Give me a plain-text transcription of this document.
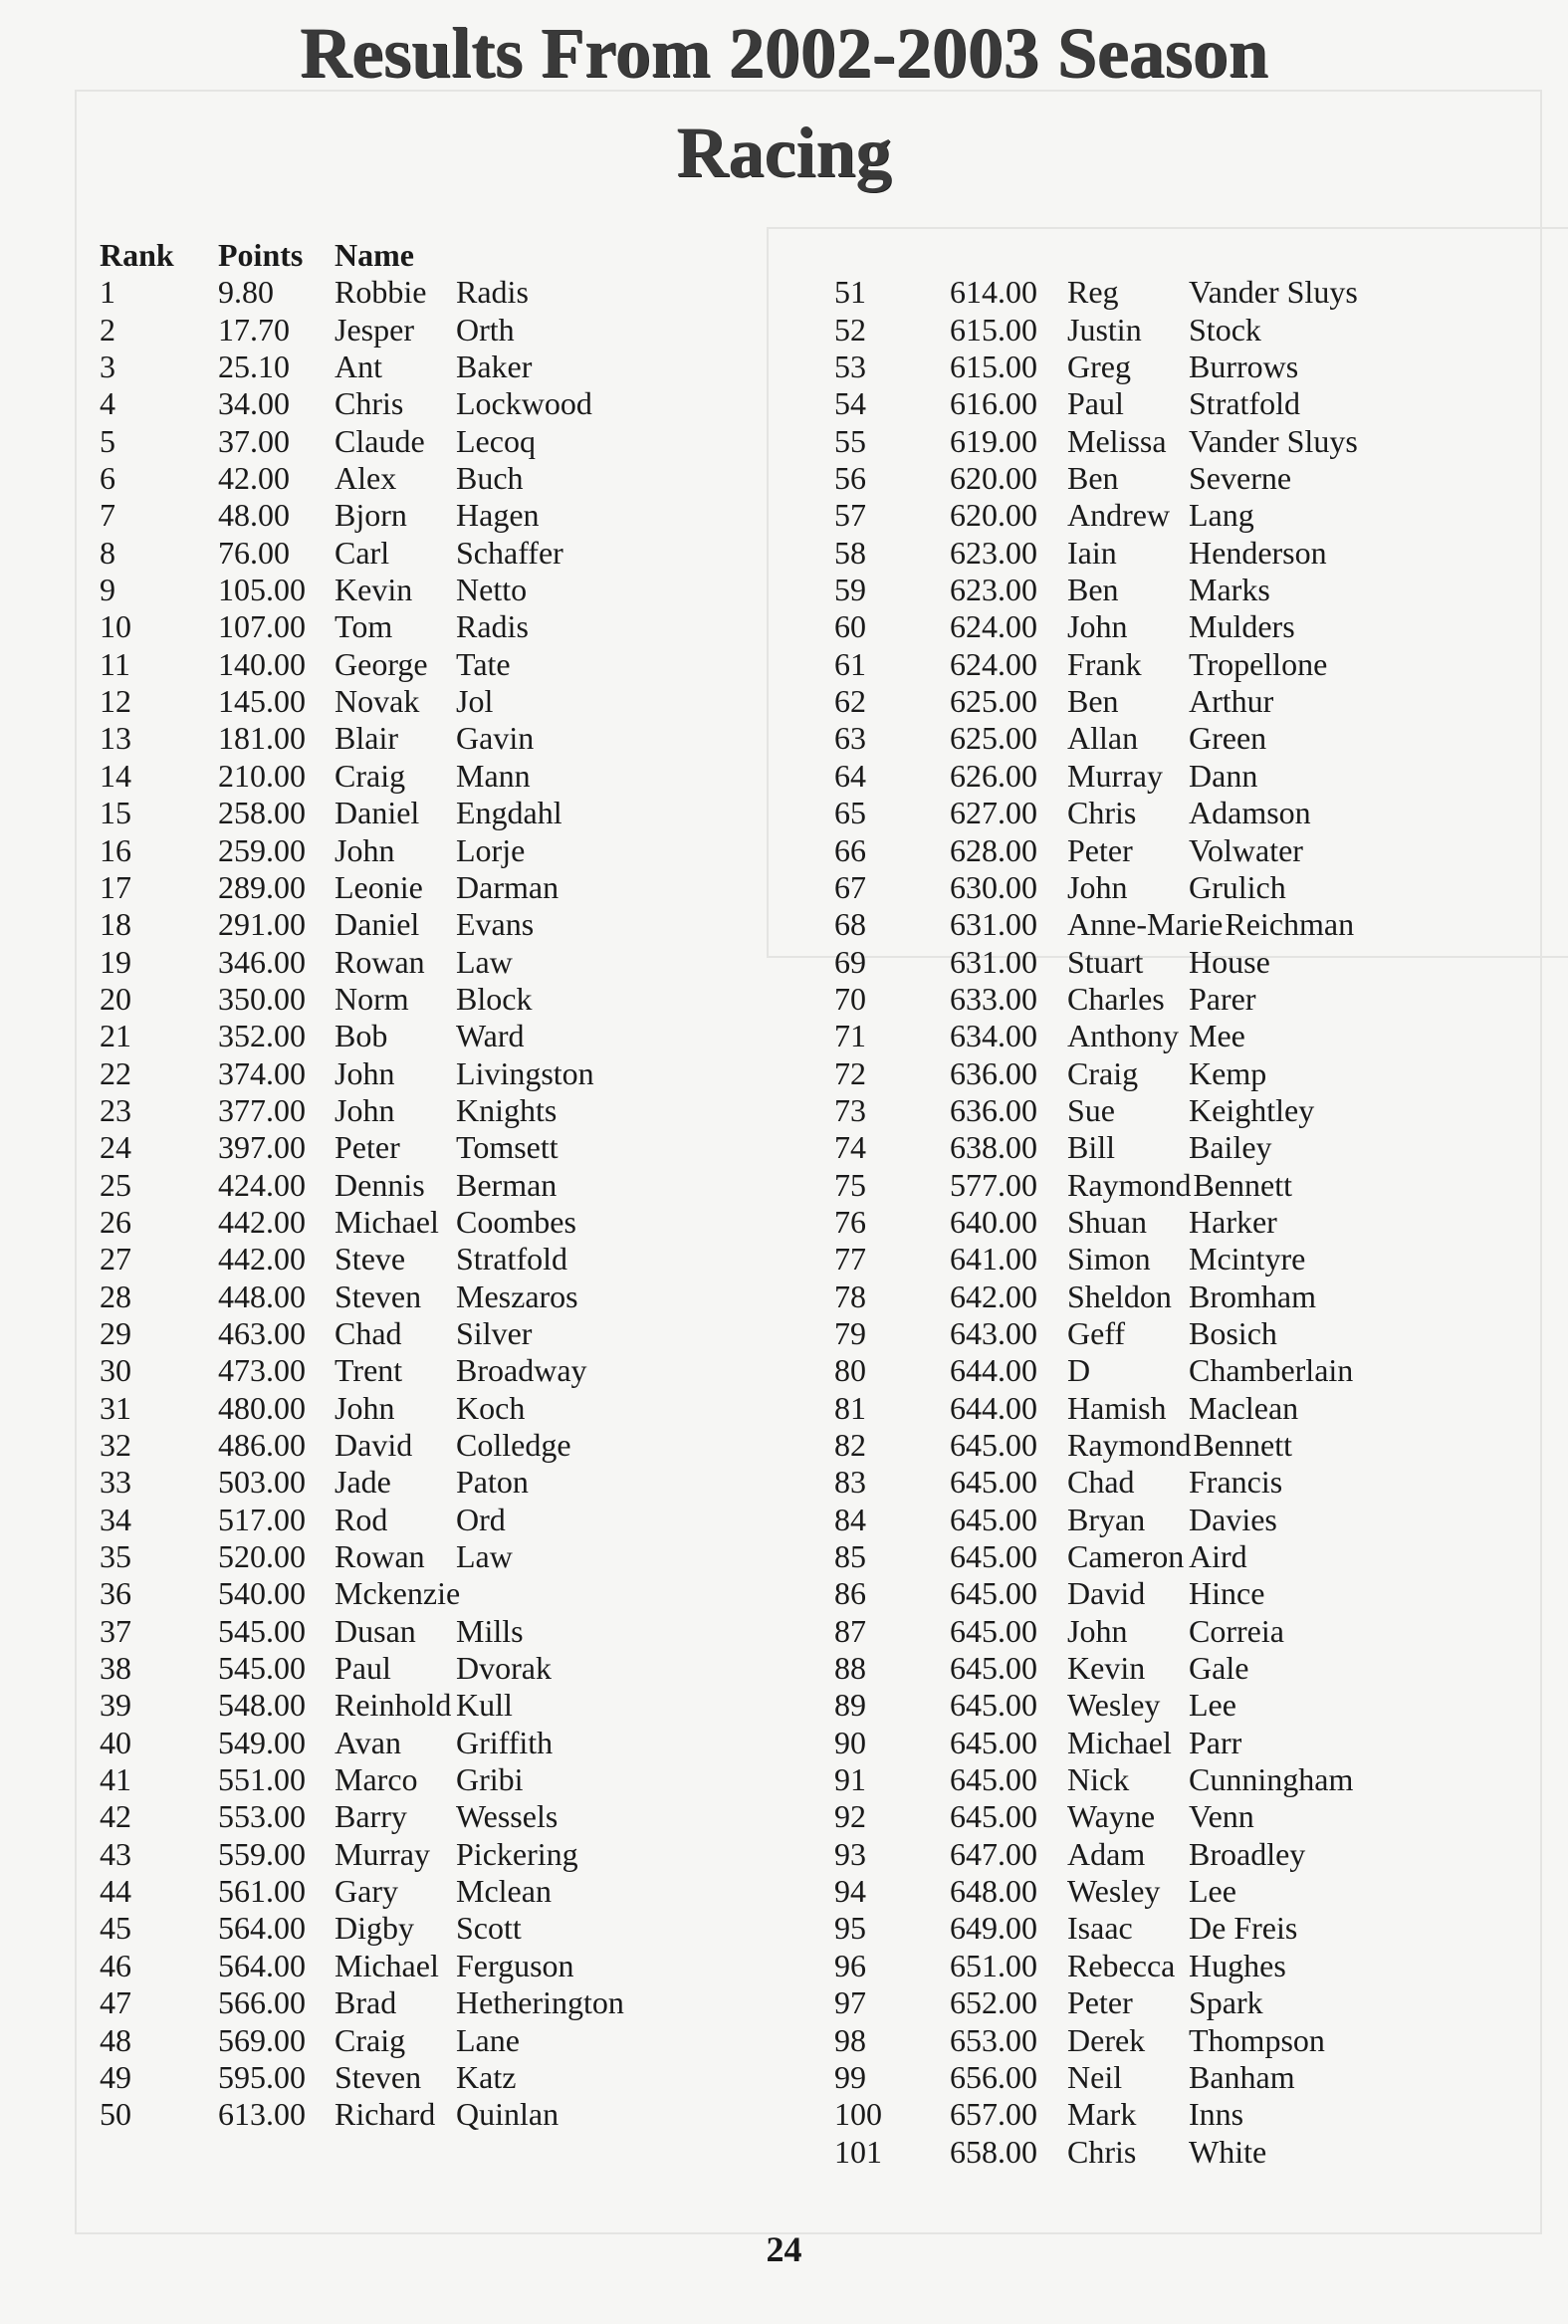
Results From 2002-2003 Season
Racing
Rank	Points Name
1	9.80	Robbie Radis
2	17.70	Jesper	Orth
3	25.10	Ant	Baker
4	34.00	Chris	Lockwood
5	37.00	Claude Lecoq
6	42.00	Alex	Buch
7	48.00	Bjorn	Hagen
8	76.00	Carl	Schaffer
9	105.00 Kevin	Netto
10	107.00 Tom	Radis
11	140.00 George Tate
12	145.00 Novak	Jol
13	181.00 Blair	Gavin
14	210.00 Craig	Mann
15	258.00 Daniel	Engdahl
16	259.00 John	Lorje
17	289.00 Leonie	Darman
18	291.00 Daniel	Evans
19	346.00 Rowan Law
20	350.00 Norm	Block
21	352.00 Bob	Ward
22	374.00 John	Livingston
23	377.00 John	Knights
24	397.00 Peter	Tomsett
25	424.00 Dennis Berman
26	442.00 Michael Coombes
27	442.00 Steve	Stratfold
28	448.00 Steven	Meszaros
29	463.00 Chad	Silver
30	473.00 Trent	Broadway
31	480.00 John	Koch
32	486.00 David	Colledge
33	503.00 Jade	Paton
34	517.00 Rod	Ord
35	520.00 Rowan Law
36	540.00 Mckenzie
37	545.00 Dusan	Mills
38	545.00 Paul	Dvorak
39	548.00 Reinhold Kull
40	549.00 Avan	Griffith
41	551.00 Marco	Gribi
42	553.00 Barry	Wessels
43	559.00 Murray Pickering
44	561.00 Gary	Mclean
45	564.00 Digby	Scott
46	564.00 Michael Ferguson
47	566.00 Brad	Hetherington
48	569.00 Craig	Lane
49	595.00 Steven	Katz
50	613.00 Richard Quinlan
51	614.00 Reg	Vander Sluys
52	615.00 Justin	Stock
53	615.00 Greg	Burrows
54	616.00 Paul	Stratfold
55	619.00 Melissa Vander Sluys
56	620.00 Ben	Severne
57	620.00 Andrew Lang
58	623.00 Iain	Henderson
59	623.00 Ben	Marks
60	624.00 John	Mulders
61	624.00 Frank	Tropellone
62	625.00 Ben	Arthur
63	625.00 Allan	Green
64	626.00 Murray Dann
65	627.00 Chris	Adamson
66	628.00 Peter	Volwater
67	630.00 John	Grulich
68	631.00 Anne-Marie Reichman
69	631.00 Stuart	House
70	633.00 Charles Parer
71	634.00 Anthony Mee
72	636.00 Craig	Kemp
73	636.00 Sue	Keightley
74	638.00 Bill	Bailey
75	577.00 Raymond Bennett
76	640.00 Shuan	Harker
77	641.00 Simon	Mcintyre
78	642.00 Sheldon Bromham
79	643.00 Geff	Bosich
80	644.00 D	Chamberlain
81	644.00 Hamish Maclean
82	645.00 Raymond Bennett
83	645.00 Chad	Francis
84	645.00 Bryan	Davies
85	645.00 Cameron Aird
86	645.00 David	Hince
87	645.00 John	Correia
88	645.00 Kevin	Gale
89	645.00 Wesley Lee
90	645.00 Michael Parr
91	645.00 Nick	Cunningham
92	645.00 Wayne	Venn
93	647.00 Adam	Broadley
94	648.00 Wesley Lee
95	649.00 Isaac	De Freis
96	651.00 Rebecca Hughes
97	652.00 Peter	Spark
98	653.00 Derek	Thompson
99	656.00 Neil	Banham
100	657.00 Mark	Inns
101	658.00 Chris	White
24
